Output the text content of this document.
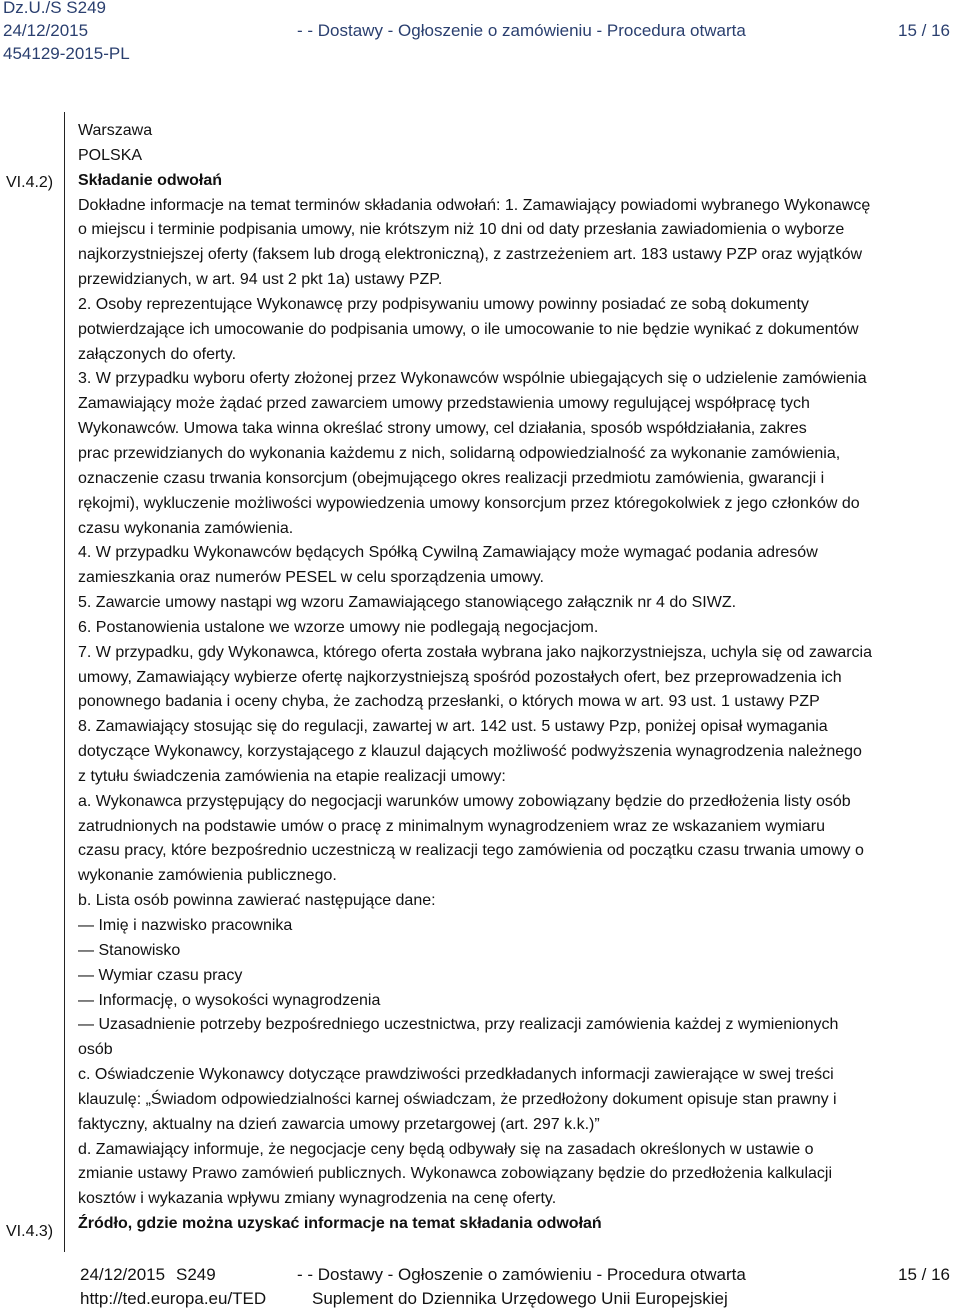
Dz.U./S S249
24/12/2015
454129-2015-PL
- - Dostawy - Ogłoszenie o zamówieniu - Procedura otwarta	15 / 16
VI.4.2)
VI.4.3)
Warszawa
POLSKA
Składanie odwołań
Dokładne informacje na temat terminów składania odwołań: 1. Zamawiający powiadomi wybranego Wykonawcę
o miejscu i terminie podpisania umowy, nie krótszym niż 10 dni od daty przesłania zawiadomienia o wyborze
najkorzystniejszej oferty (faksem lub drogą elektroniczną), z zastrzeżeniem art. 183 ustawy PZP oraz wyjątków
przewidzianych, w art. 94 ust 2 pkt 1a) ustawy PZP.
2. Osoby reprezentujące Wykonawcę przy podpisywaniu umowy powinny posiadać ze sobą dokumenty
potwierdzające ich umocowanie do podpisania umowy, o ile umocowanie to nie będzie wynikać z dokumentów
załączonych do oferty.
3. W przypadku wyboru oferty złożonej przez Wykonawców wspólnie ubiegających się o udzielenie zamówienia
Zamawiający może żądać przed zawarciem umowy przedstawienia umowy regulującej współpracę tych
Wykonawców. Umowa taka winna określać strony umowy, cel działania, sposób współdziałania, zakres
prac przewidzianych do wykonania każdemu z nich, solidarną odpowiedzialność za wykonanie zamówienia,
oznaczenie czasu trwania konsorcjum (obejmującego okres realizacji przedmiotu zamówienia, gwarancji i
rękojmi), wykluczenie możliwości wypowiedzenia umowy konsorcjum przez któregokolwiek z jego członków do
czasu wykonania zamówienia.
4. W przypadku Wykonawców będących Spółką Cywilną Zamawiający może wymagać podania adresów
zamieszkania oraz numerów PESEL w celu sporządzenia umowy.
5. Zawarcie umowy nastąpi wg wzoru Zamawiającego stanowiącego załącznik nr 4 do SIWZ.
6. Postanowienia ustalone we wzorze umowy nie podlegają negocjacjom.
7. W przypadku, gdy Wykonawca, którego oferta została wybrana jako najkorzystniejsza, uchyla się od zawarcia
umowy, Zamawiający wybierze ofertę najkorzystniejszą spośród pozostałych ofert, bez przeprowadzenia ich
ponownego badania i oceny chyba, że zachodzą przesłanki, o których mowa w art. 93 ust. 1 ustawy PZP
8. Zamawiający stosując się do regulacji, zawartej w art. 142 ust. 5 ustawy Pzp, poniżej opisał wymagania
dotyczące Wykonawcy, korzystającego z klauzul dających możliwość podwyższenia wynagrodzenia należnego
z tytułu świadczenia zamówienia na etapie realizacji umowy:
a. Wykonawca przystępujący do negocjacji warunków umowy zobowiązany będzie do przedłożenia listy osób
zatrudnionych na podstawie umów o pracę z minimalnym wynagrodzeniem wraz ze wskazaniem wymiaru
czasu pracy, które bezpośrednio uczestniczą w realizacji tego zamówienia od początku czasu trwania umowy o
wykonanie zamówienia publicznego.
b. Lista osób powinna zawierać następujące dane:
— Imię i nazwisko pracownika
— Stanowisko
— Wymiar czasu pracy
— Informację, o wysokości wynagrodzenia
— Uzasadnienie potrzeby bezpośredniego uczestnictwa, przy realizacji zamówienia każdej z wymienionych
osób
c. Oświadczenie Wykonawcy dotyczące prawdziwości przedkładanych informacji zawierające w swej treści
klauzulę: „Świadom odpowiedzialności karnej oświadczam, że przedłożony dokument opisuje stan prawny i
faktyczny, aktualny na dzień zawarcia umowy przetargowej (art. 297 k.k.)”
d. Zamawiający informuje, że negocjacje ceny będą odbywały się na zasadach określonych w ustawie o
zmianie ustawy Prawo zamówień publicznych. Wykonawca zobowiązany będzie do przedłożenia kalkulacji
kosztów i wykazania wpływu zmiany wynagrodzenia na cenę oferty.
Źródło, gdzie można uzyskać informacje na temat składania odwołań
24/12/2015 S249
http://ted.europa.eu/TED
- - Dostawy - Ogłoszenie o zamówieniu - Procedura otwarta
Suplement do Dziennika Urzędowego Unii Europejskiej
15 / 16
